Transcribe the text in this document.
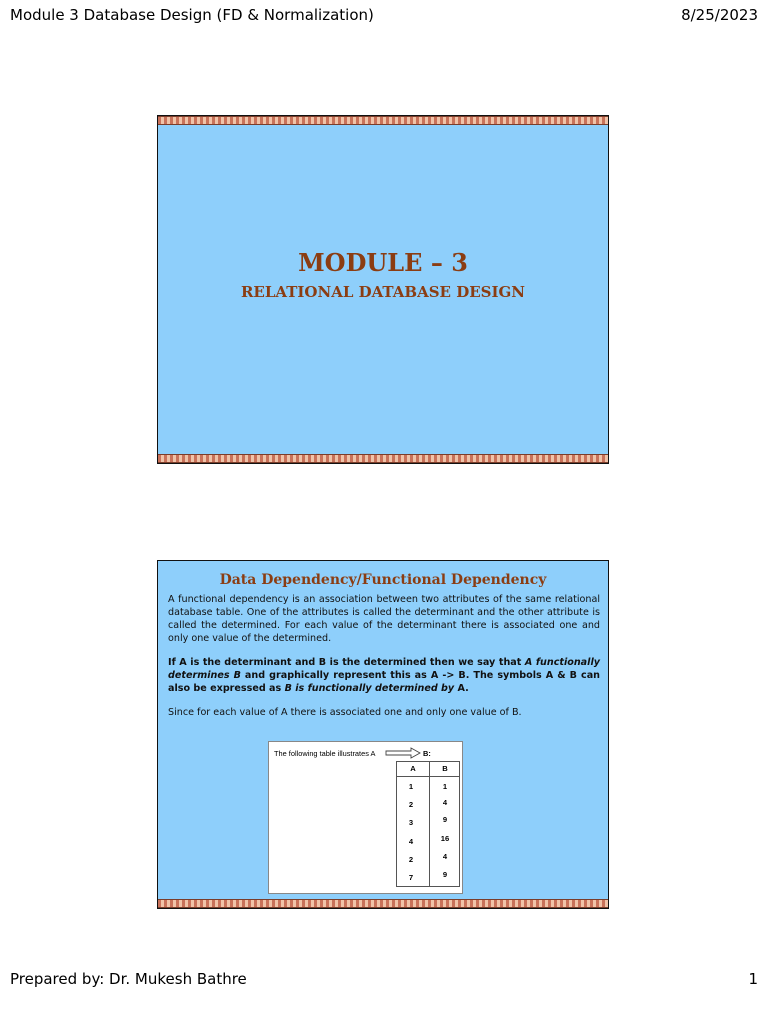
Module 3 Database Design (FD & Normalization)	8/25/2023
MODULE – 3
RELATIONAL DATABASE DESIGN
Data Dependency/Functional Dependency

A functional dependency is an association between two attributes of the same relational database table. One of the attributes is called the determinant and the other attribute is called the determined. For each value of the determinant there is associated one and only one value of the determined.

If A is the determinant and B is the determined then we say that A functionally determines B and graphically represent this as A -> B. The symbols A & B can also be expressed as B is functionally determined by A.

Since for each value of A there is associated one and only one value of B.

The following table illustrates A	B:
A	B
1	1
2	4
3	9
4	16
2	4
7	9
Prepared by: Dr. Mukesh Bathre	1
